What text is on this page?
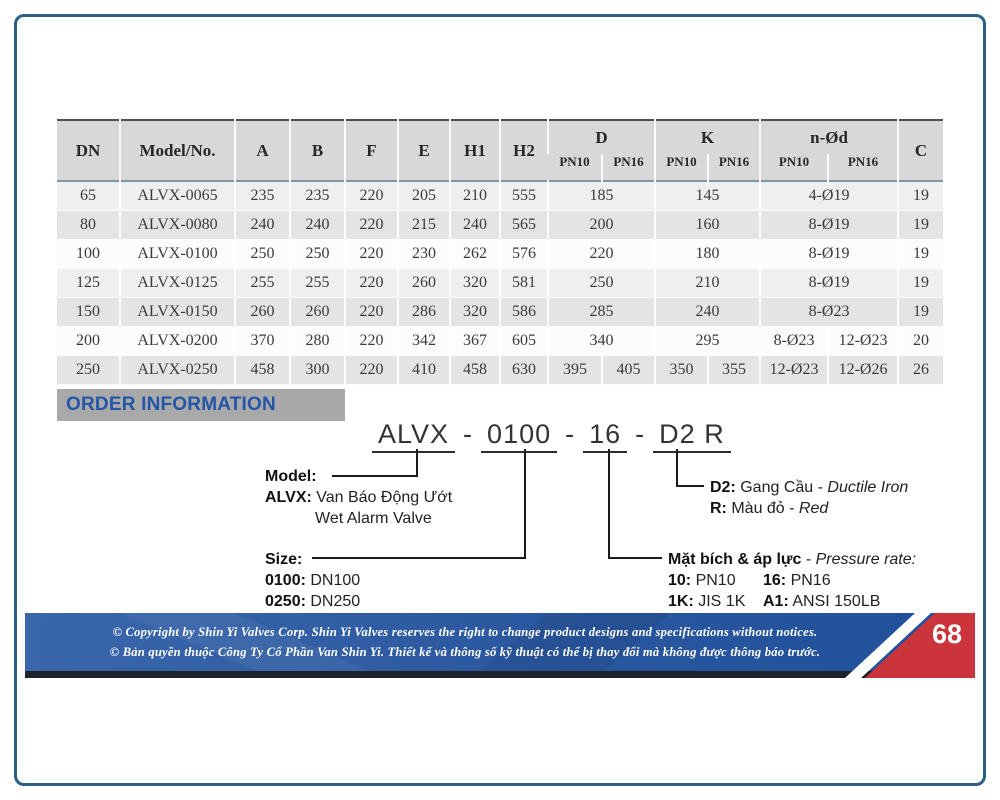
DN	Model/No.	A	B	F	E	H1	H2	D		K		n-Ød		C
								PN10	PN16	PN10	PN16	PN10	PN16	
65	ALVX-0065	235	235	220	205	210	555	185		145		4-Ø19		19
80	ALVX-0080	240	240	220	215	240	565	200		160		8-Ø19		19
100	ALVX-0100	250	250	220	230	262	576	220		180		8-Ø19		19
125	ALVX-0125	255	255	220	260	320	581	250		210		8-Ø19		19
150	ALVX-0150	260	260	220	286	320	586	285		240		8-Ø23		19
200	ALVX-0200	370	280	220	342	367	605	340		295		8-Ø23	12-Ø23	20
250	ALVX-0250	458	300	220	410	458	630	395	405	350	355	12-Ø23	12-Ø26	26
ORDER INFORMATION
ALVX - 0100 - 16 - D2 R
Model:
ALVX: Van Báo Động Ướt
Wet Alarm Valve
D2: Gang Cầu - Ductile Iron
R: Màu đỏ - Red
Size:
0100: DN100
0250: DN250
Mặt bích & áp lực - Pressure rate:
10: PN10	16: PN16
1K: JIS 1K	A1: ANSI 150LB
© Copyright by Shin Yi Valves Corp. Shin Yi Valves reserves the right to change product designs and specifications without notices.
© Bản quyền thuộc Công Ty Cổ Phần Van Shin Yi. Thiết kế và thông số kỹ thuật có thể bị thay đổi mà không được thông báo trước.
68
